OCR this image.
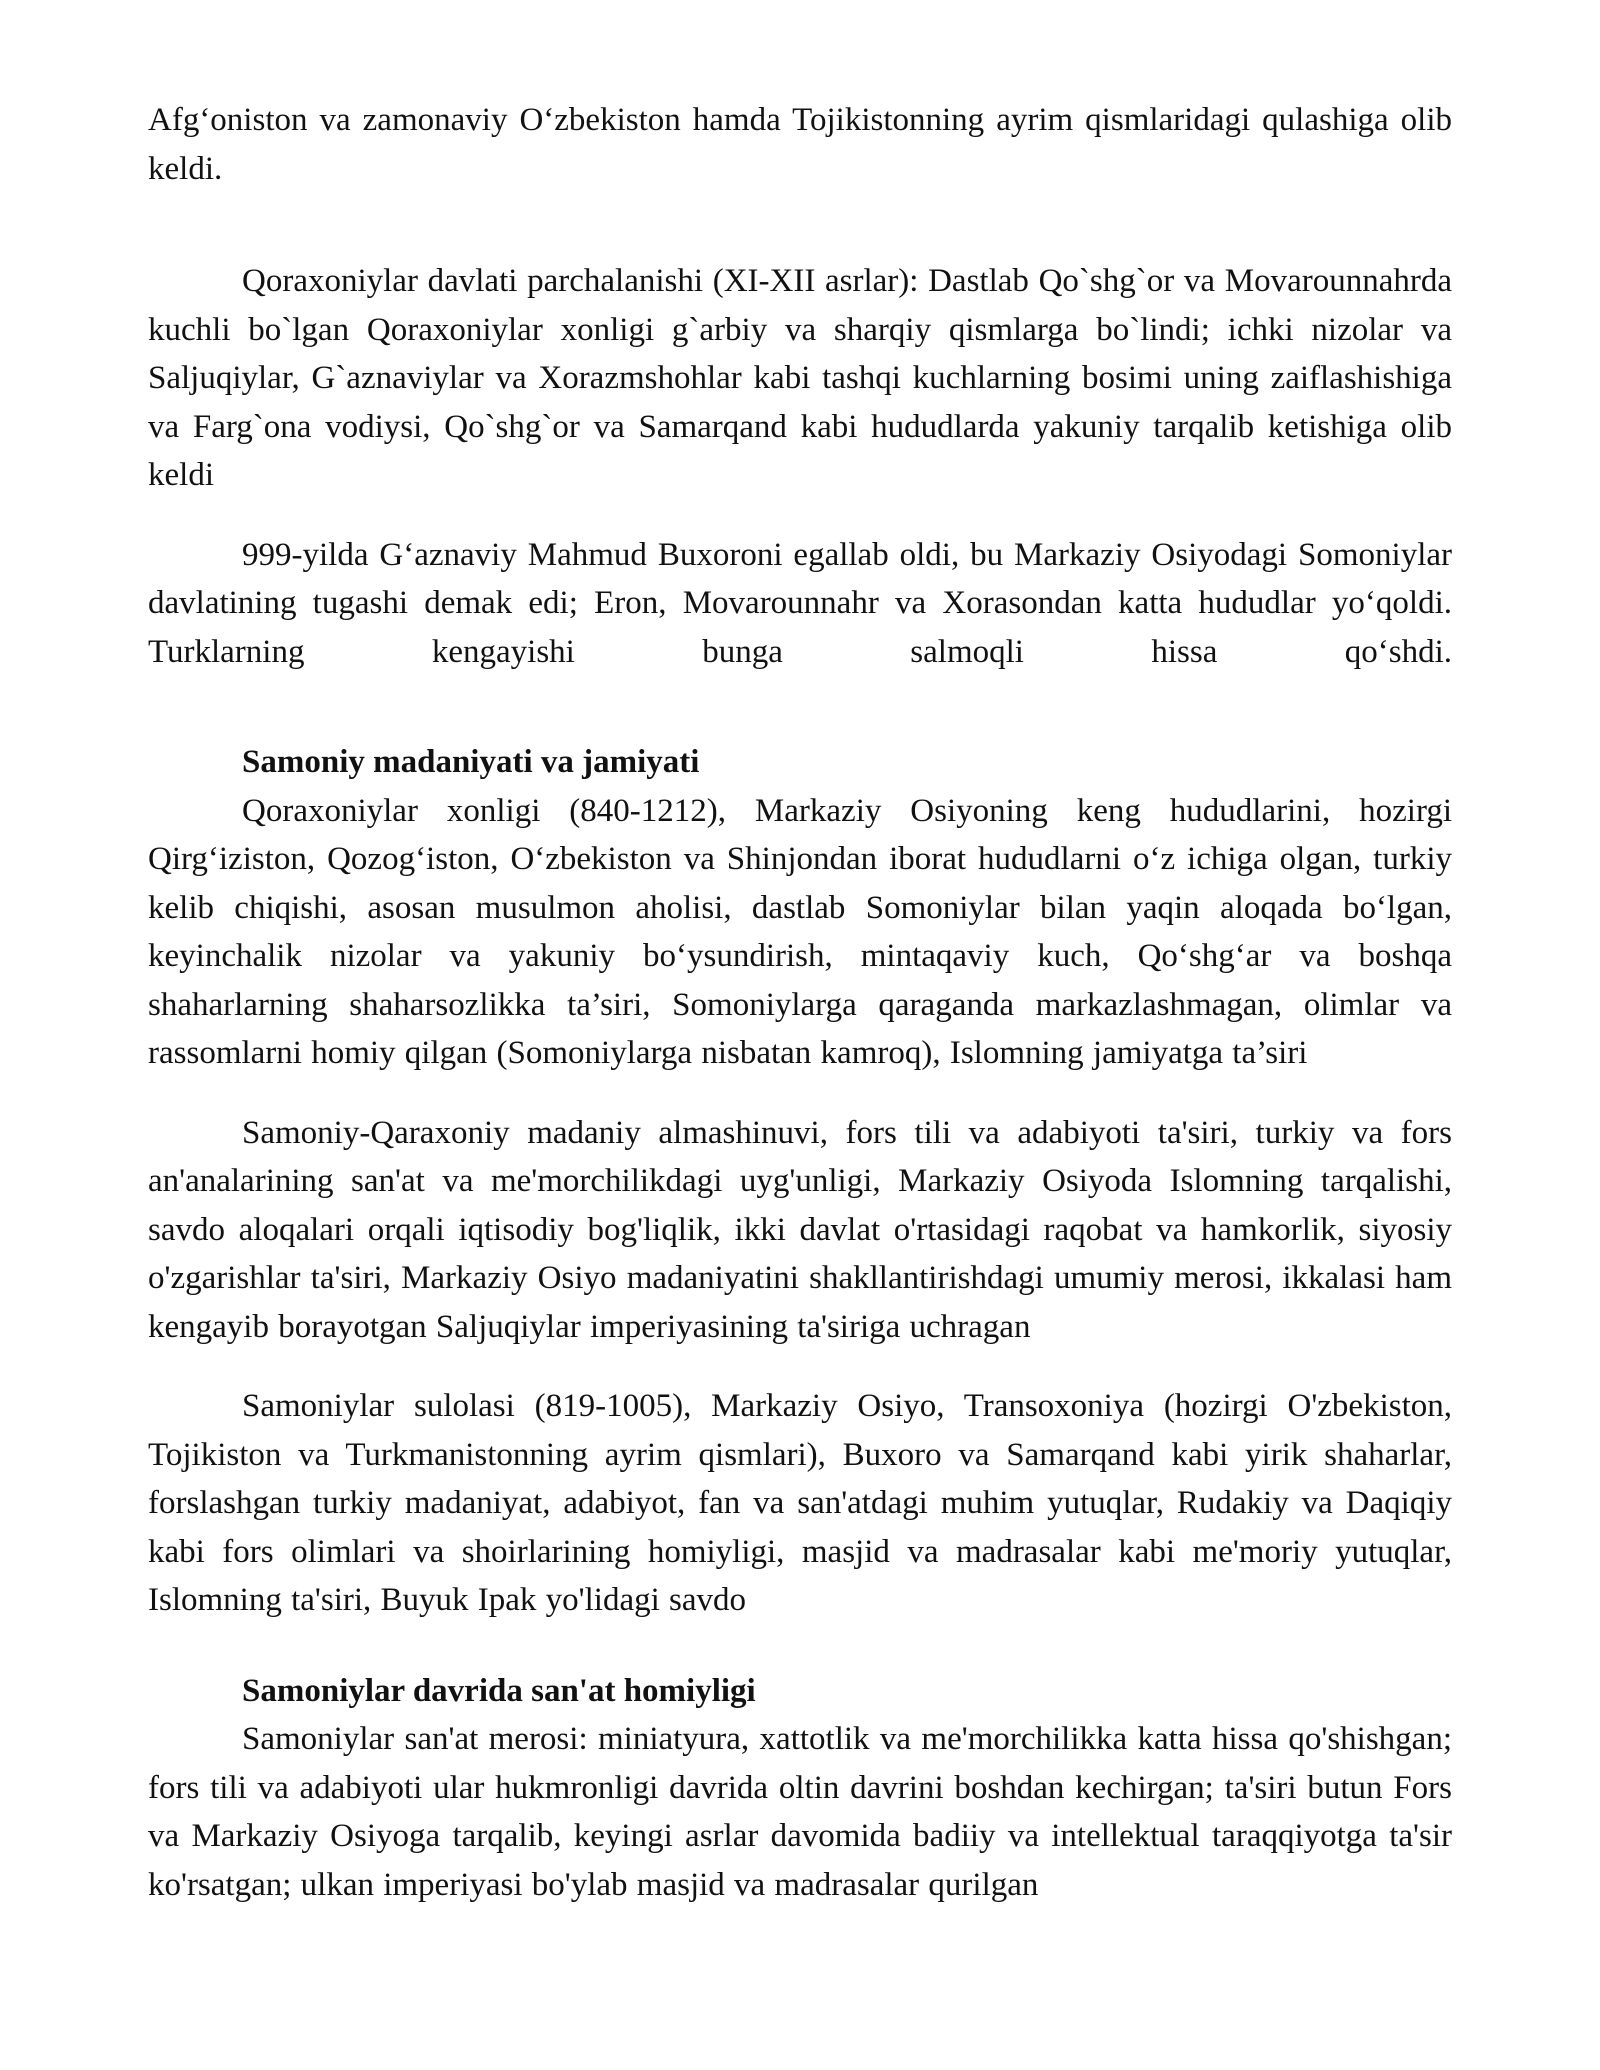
Afg‘oniston va zamonaviy O‘zbekiston hamda Tojikistonning ayrim qismlaridagi qulashiga olib keldi.

Qoraxoniylar davlati parchalanishi (XI-XII asrlar): Dastlab Qo`shg`or va Movarounnahrda kuchli bo`lgan Qoraxoniylar xonligi g`arbiy va sharqiy qismlarga bo`lindi; ichki nizolar va Saljuqiylar, G`aznaviylar va Xorazmshohlar kabi tashqi kuchlarning bosimi uning zaiflashishiga va Farg`ona vodiysi, Qo`shg`or va Samarqand kabi hududlarda yakuniy tarqalib ketishiga olib keldi

999-yilda G‘aznaviy Mahmud Buxoroni egallab oldi, bu Markaziy Osiyodagi Somoniylar davlatining tugashi demak edi; Eron, Movarounnahr va Xorasondan katta hududlar yo‘qoldi. Turklarning kengayishi bunga salmoqli hissa qo‘shdi.

Samoniy madaniyati va jamiyati

Qoraxoniylar xonligi (840-1212), Markaziy Osiyoning keng hududlarini, hozirgi Qirg‘iziston, Qozog‘iston, O‘zbekiston va Shinjondan iborat hududlarni o‘z ichiga olgan, turkiy kelib chiqishi, asosan musulmon aholisi, dastlab Somoniylar bilan yaqin aloqada bo‘lgan, keyinchalik nizolar va yakuniy bo‘ysundirish, mintaqaviy kuch, Qo‘shg‘ar va boshqa shaharlarning shaharsozlikka ta’siri, Somoniylarga qaraganda markazlashmagan, olimlar va rassomlarni homiy qilgan (Somoniylarga nisbatan kamroq), Islomning jamiyatga ta’siri

Samoniy-Qaraxoniy madaniy almashinuvi, fors tili va adabiyoti ta'siri, turkiy va fors an'analarining san'at va me'morchilikdagi uyg'unligi, Markaziy Osiyoda Islomning tarqalishi, savdo aloqalari orqali iqtisodiy bog'liqlik, ikki davlat o'rtasidagi raqobat va hamkorlik, siyosiy o'zgarishlar ta'siri, Markaziy Osiyo madaniyatini shakllantirishdagi umumiy merosi, ikkalasi ham kengayib borayotgan Saljuqiylar imperiyasining ta'siriga uchragan

Samoniylar sulolasi (819-1005), Markaziy Osiyo, Transoxoniya (hozirgi O'zbekiston, Tojikiston va Turkmanistonning ayrim qismlari), Buxoro va Samarqand kabi yirik shaharlar, forslashgan turkiy madaniyat, adabiyot, fan va san'atdagi muhim yutuqlar, Rudakiy va Daqiqiy kabi fors olimlari va shoirlarining homiyligi, masjid va madrasalar kabi me'moriy yutuqlar, Islomning ta'siri, Buyuk Ipak yo'lidagi savdo

Samoniylar davrida san'at homiyligi

Samoniylar san'at merosi: miniatyura, xattotlik va me'morchilikka katta hissa qo'shishgan; fors tili va adabiyoti ular hukmronligi davrida oltin davrini boshdan kechirgan; ta'siri butun Fors va Markaziy Osiyoga tarqalib, keyingi asrlar davomida badiiy va intellektual taraqqiyotga ta'sir ko'rsatgan; ulkan imperiyasi bo'ylab masjid va madrasalar qurilgan
